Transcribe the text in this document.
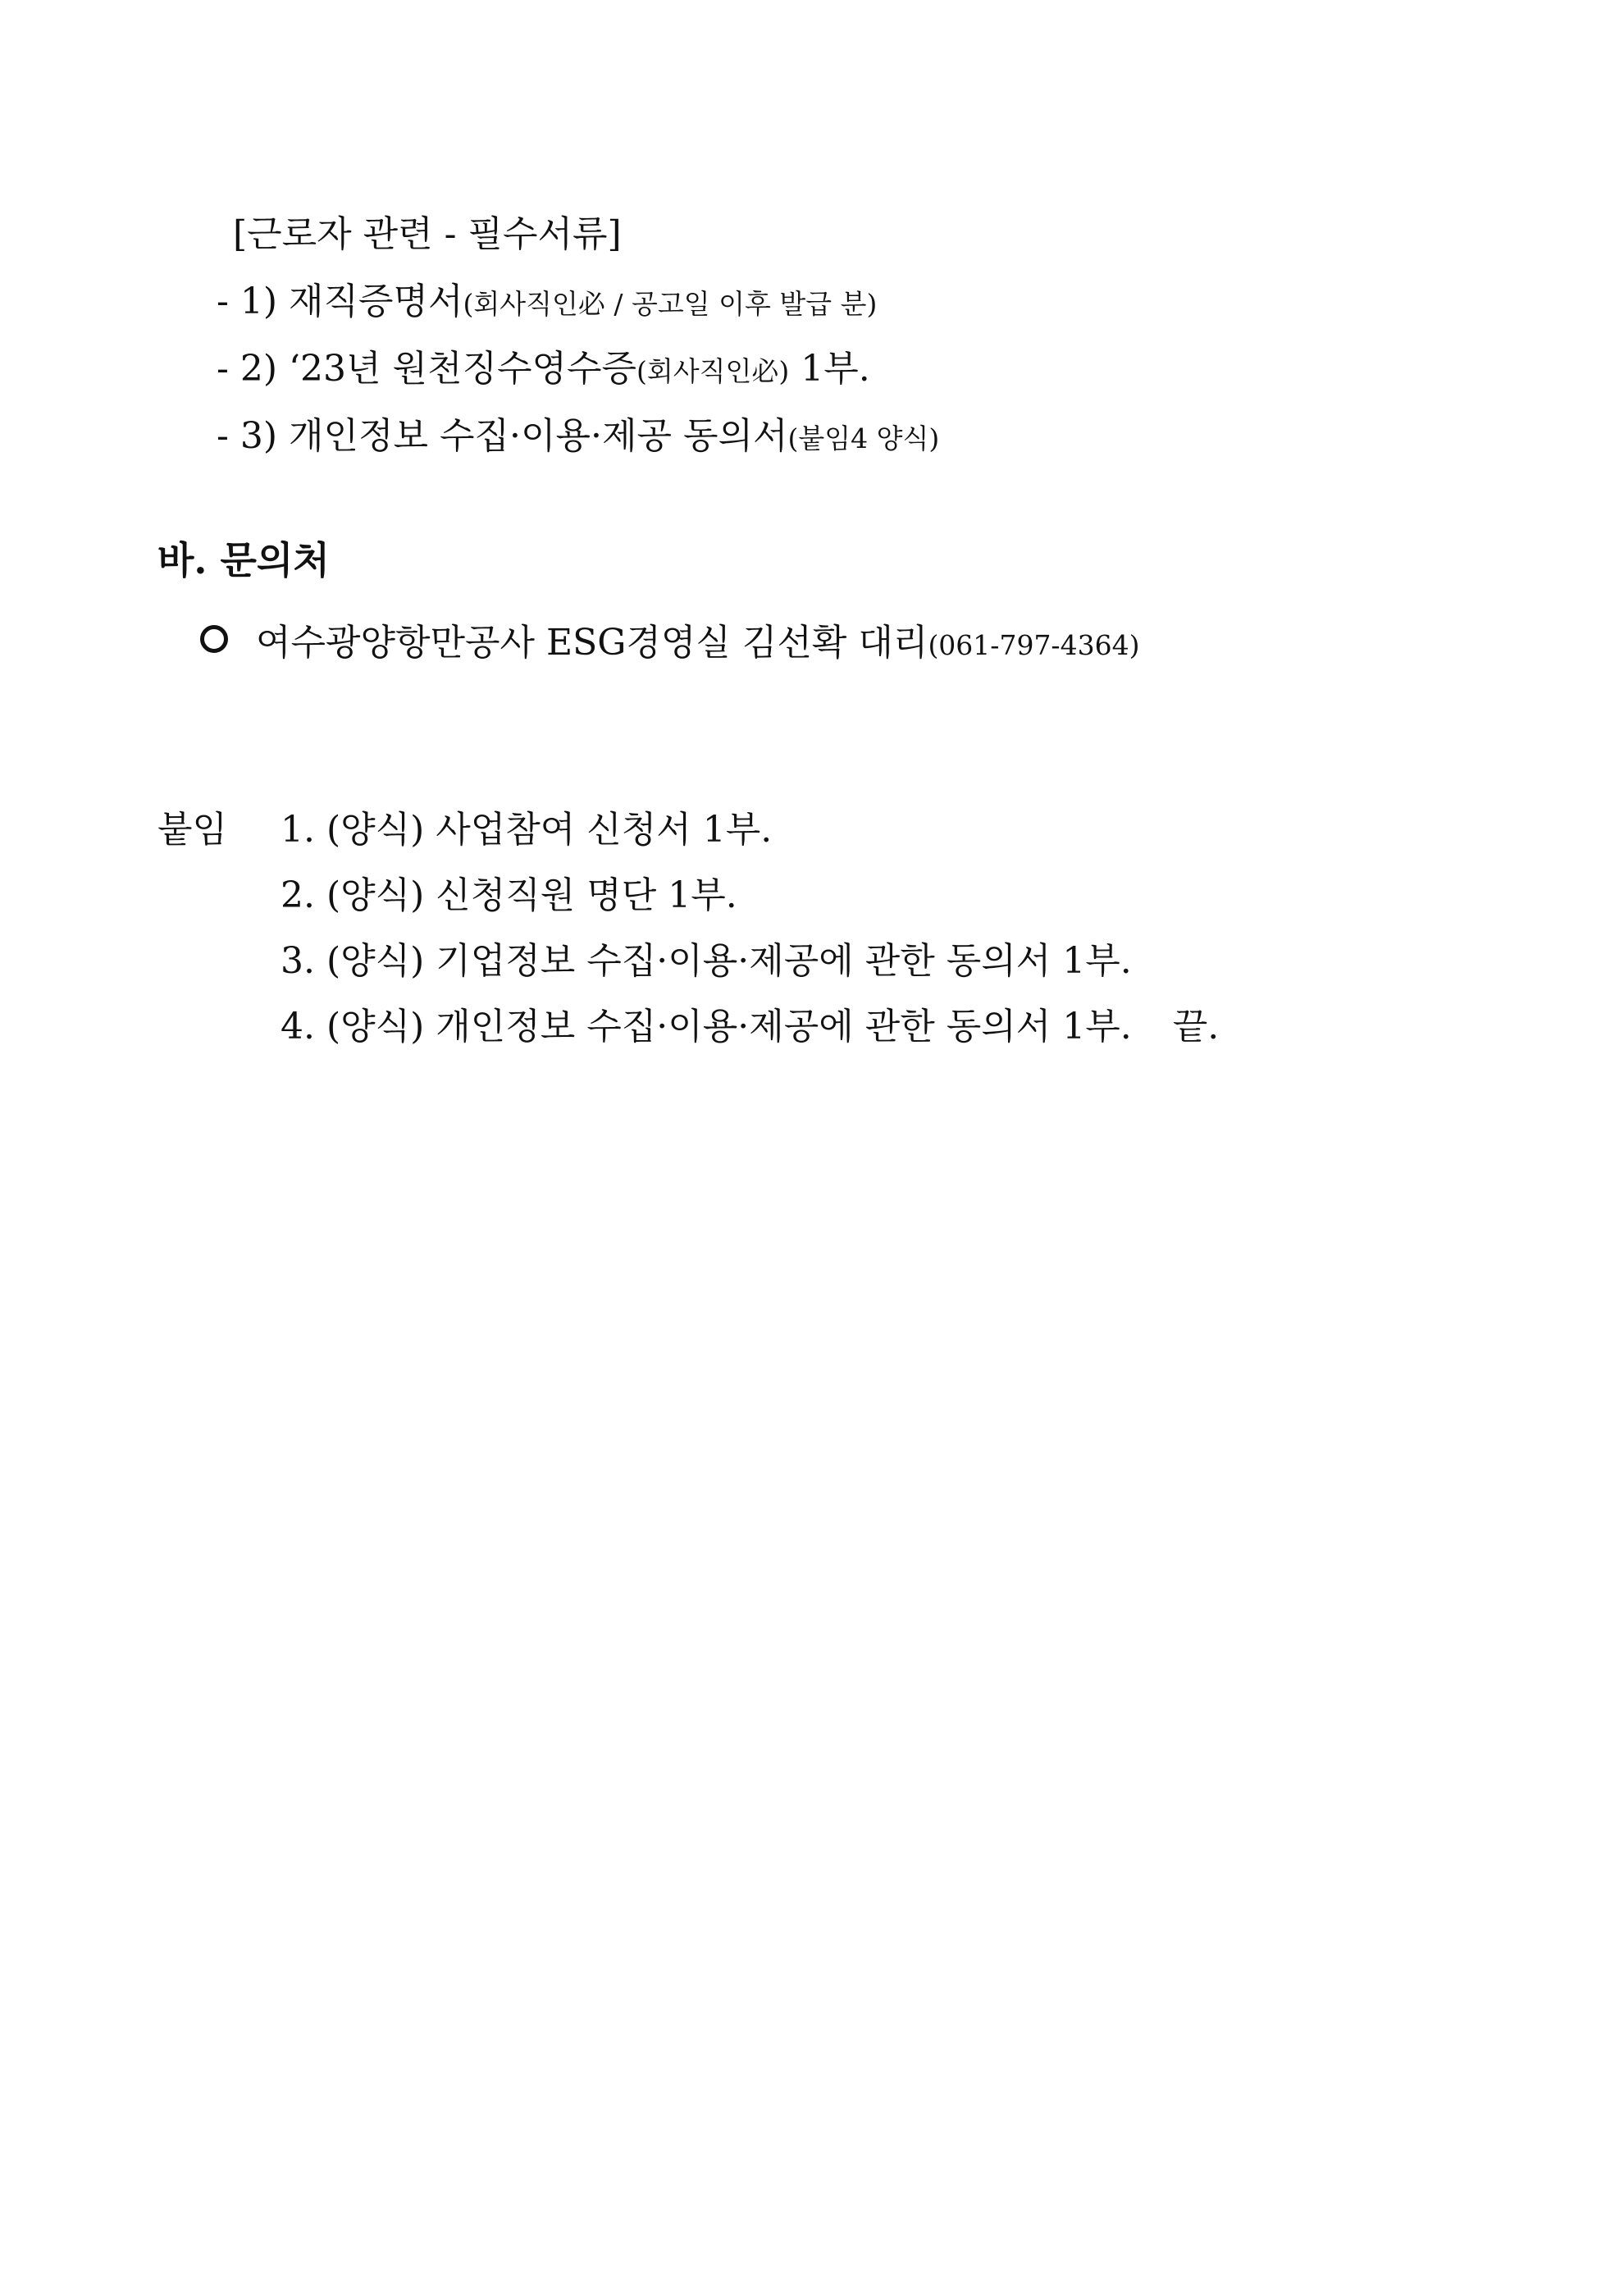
[근로자 관련 - 필수서류]
- 1) 재직증명서(회사직인必 / 공고일 이후 발급 분)
- 2) ‘23년 원천징수영수증(회사직인必) 1부.
- 3) 개인정보 수집·이용·제공 동의서(붙임4 양식)
바. 문의처
여수광양항만공사 ESG경영실 김선확 대리(061-797-4364)
붙임 1. (양식) 사업참여 신청서 1부.
2. (양식) 신청직원 명단 1부.
3. (양식) 기업정보 수집·이용·제공에 관한 동의서 1부.
4. (양식) 개인정보 수집·이용·제공에 관한 동의서 1부. 끝.
